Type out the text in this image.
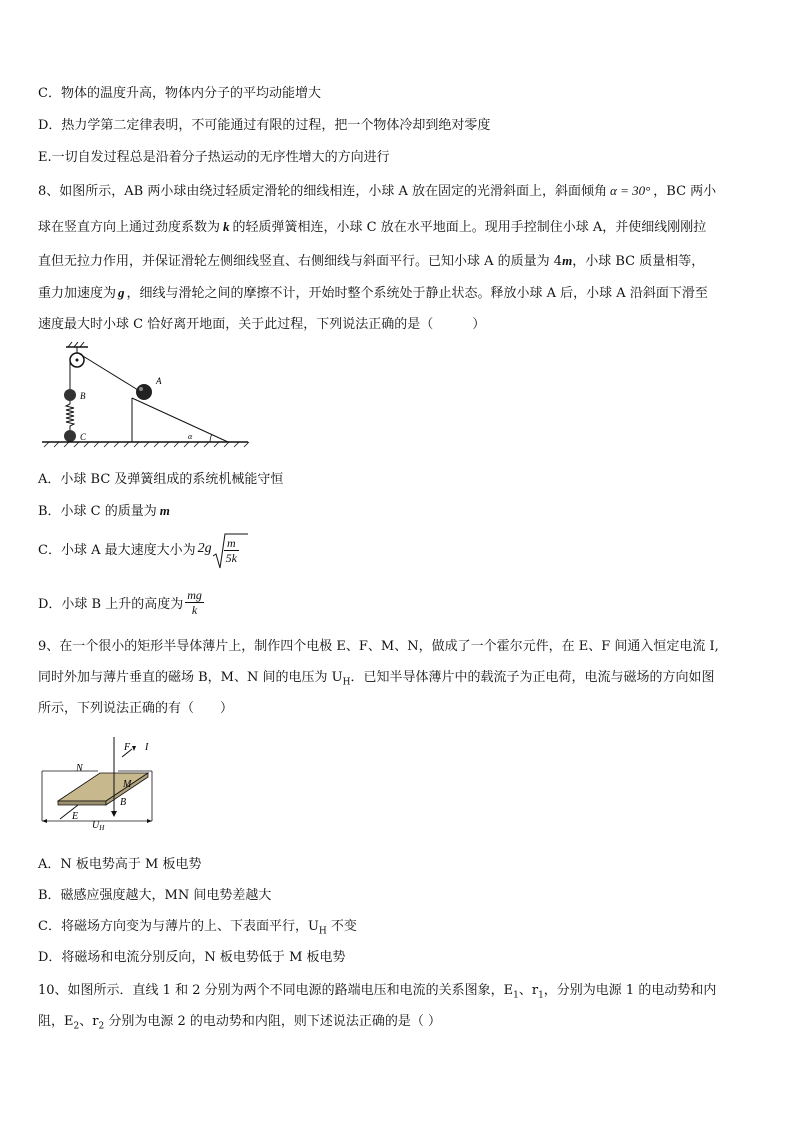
C．物体的温度升高，物体内分子的平均动能增大
D．热力学第二定律表明，不可能通过有限的过程，把一个物体冷却到绝对零度
E.一切自发过程总是沿着分子热运动的无序性增大的方向进行
8、如图所示，AB 两小球由绕过轻质定滑轮的细线相连，小球 A 放在固定的光滑斜面上，斜面倾角 α = 30° ，BC 两小
球在竖直方向上通过劲度系数为 k 的轻质弹簧相连，小球 C 放在水平地面上。现用手控制住小球 A，并使细线刚刚拉
直但无拉力作用，并保证滑轮左侧细线竖直、右侧细线与斜面平行。已知小球 A 的质量为 4m，小球 BC 质量相等，
重力加速度为 g ，细线与滑轮之间的摩擦不计，开始时整个系统处于静止状态。释放小球 A 后，小球 A 沿斜面下滑至
速度最大时小球 C 恰好离开地面，关于此过程，下列说法正确的是（　　　）
B
C
A
α
A．小球 BC 及弹簧组成的系统机械能守恒
B．小球 C 的质量为 m
C．小球 A 最大速度大小为 $2g \frac{m}{5k}$
D．小球 B 上升的高度为 $\frac{mg}{k}$
9、在一个很小的矩形半导体薄片上，制作四个电极 E、F、M、N，做成了一个霍尔元件，在 E、F 间通入恒定电流 I,
同时外加与薄片垂直的磁场 B，M、N 间的电压为 $U_H$．已知半导体薄片中的载流子为正电荷，电流与磁场的方向如图
所示，下列说法正确的有（　　）
B
F I
E
N
M
$U_H$
A．N 板电势高于 M 板电势
B．磁感应强度越大，MN 间电势差越大
C．将磁场方向变为与薄片的上、下表面平行，$U_H$ 不变
D．将磁场和电流分别反向，N 板电势低于 M 板电势
10、如图所示．直线 1 和 2 分别为两个不同电源的路端电压和电流的关系图象，$E_1$、$r_1$，分别为电源 1 的电动势和内
阻，$E_2$、$r_2$ 分别为电源 2 的电动势和内阻，则下述说法正确的是（ ）
